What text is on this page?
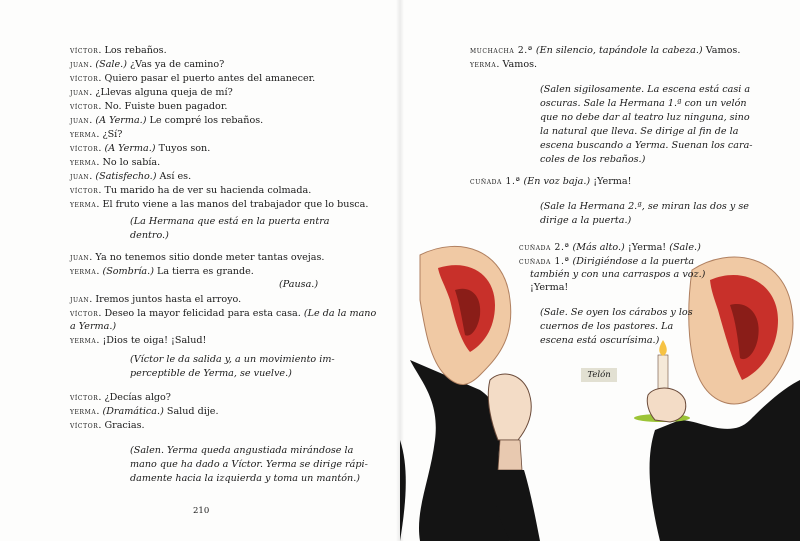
víctor. Los rebaños.
juan. (Sale.) ¿Vas ya de camino?
víctor. Quiero pasar el puerto antes del amanecer.
juan. ¿Llevas alguna queja de mí?
víctor. No. Fuiste buen pagador.
juan. (A Yerma.) Le compré los rebaños.
yerma. ¿Sí?
víctor. (A Yerma.) Tuyos son.
yerma. No lo sabía.
juan. (Satisfecho.) Así es.
víctor. Tu marido ha de ver su hacienda colmada.
yerma. El fruto viene a las manos del trabajador que lo busca.
(La Hermana que está en la puerta entra
dentro.)
juan. Ya no tenemos sitio donde meter tantas ovejas.
yerma. (Sombría.) La tierra es grande.
(Pausa.)
juan. Iremos juntos hasta el arroyo.
víctor. Deseo la mayor felicidad para esta casa. (Le da la mano
a Yerma.)
yerma. ¡Dios te oiga! ¡Salud!
(Víctor le da salida y, a un movimiento im-
perceptible de Yerma, se vuelve.)
víctor. ¿Decías algo?
yerma. (Dramática.) Salud dije.
víctor. Gracias.
(Salen. Yerma queda angustiada mirándose la
mano que ha dado a Víctor. Yerma se dirige rápi-
damente hacia la izquierda y toma un mantón.)
210
muchacha 2.ª (En silencio, tapándole la cabeza.) Vamos.
yerma. Vamos.
(Salen sigilosamente. La escena está casi a
oscuras. Sale la Hermana 1.ª con un velón
que no debe dar al teatro luz ninguna, sino
la natural que lleva. Se dirige al fin de la
escena buscando a Yerma. Suenan los cara-
coles de los rebaños.)
cuñada 1.ª (En voz baja.) ¡Yerma!
(Sale la Hermana 2.ª, se miran las dos y se
dirige a la puerta.)
cuñada 2.ª (Más alto.) ¡Yerma! (Sale.)
cuñada 1.ª (Dirigiéndose a la puerta
también y con una carraspos a voz.)
¡Yerma!
(Sale. Se oyen los cárabos y los
cuernos de los pastores. La
escena está oscurísima.)
Telón
